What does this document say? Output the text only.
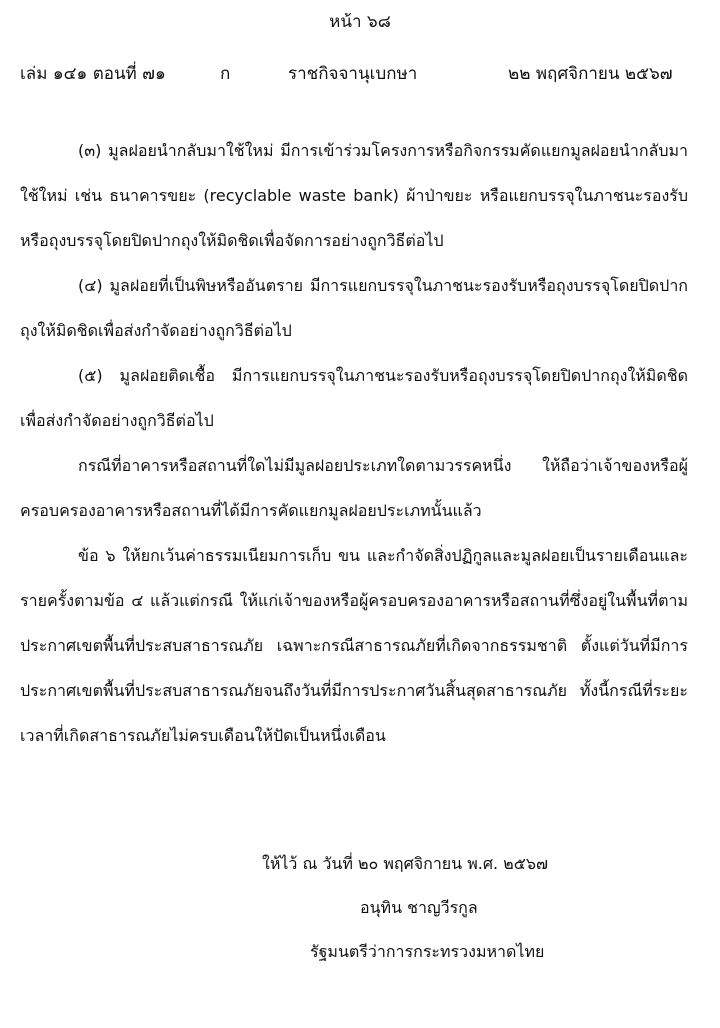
หน้า ๖๘
เล่ม ๑๔๑ ตอนที่ ๗๑	ก	ราชกิจจานุเบกษา	๒๒ พฤศจิกายน ๒๕๖๗

(๓) มูลฝอยนำกลับมาใช้ใหม่ มีการเข้าร่วมโครงการหรือกิจกรรมคัดแยกมูลฝอยนำกลับมาใช้ใหม่ เช่น ธนาคารขยะ (recyclable waste bank) ผ้าป่าขยะ หรือแยกบรรจุในภาชนะรองรับหรือถุงบรรจุโดยปิดปากถุงให้มิดชิดเพื่อจัดการอย่างถูกวิธีต่อไป

(๔) มูลฝอยที่เป็นพิษหรืออันตราย มีการแยกบรรจุในภาชนะรองรับหรือถุงบรรจุโดยปิดปากถุงให้มิดชิดเพื่อส่งกำจัดอย่างถูกวิธีต่อไป

(๕) มูลฝอยติดเชื้อ มีการแยกบรรจุในภาชนะรองรับหรือถุงบรรจุโดยปิดปากถุงให้มิดชิดเพื่อส่งกำจัดอย่างถูกวิธีต่อไป

กรณีที่อาคารหรือสถานที่ใดไม่มีมูลฝอยประเภทใดตามวรรคหนึ่ง ให้ถือว่าเจ้าของหรือผู้ครอบครองอาคารหรือสถานที่ได้มีการคัดแยกมูลฝอยประเภทนั้นแล้ว

ข้อ ๖ ให้ยกเว้นค่าธรรมเนียมการเก็บ ขน และกำจัดสิ่งปฏิกูลและมูลฝอยเป็นรายเดือนและรายครั้งตามข้อ ๔ แล้วแต่กรณี ให้แก่เจ้าของหรือผู้ครอบครองอาคารหรือสถานที่ซึ่งอยู่ในพื้นที่ตามประกาศเขตพื้นที่ประสบสาธารณภัย เฉพาะกรณีสาธารณภัยที่เกิดจากธรรมชาติ ตั้งแต่วันที่มีการประกาศเขตพื้นที่ประสบสาธารณภัยจนถึงวันที่มีการประกาศวันสิ้นสุดสาธารณภัย ทั้งนี้กรณีที่ระยะเวลาที่เกิดสาธารณภัยไม่ครบเดือนให้ปัดเป็นหนึ่งเดือน

ให้ไว้ ณ วันที่ ๒๐ พฤศจิกายน พ.ศ. ๒๕๖๗
อนุทิน ชาญวีรกูล
รัฐมนตรีว่าการกระทรวงมหาดไทย
